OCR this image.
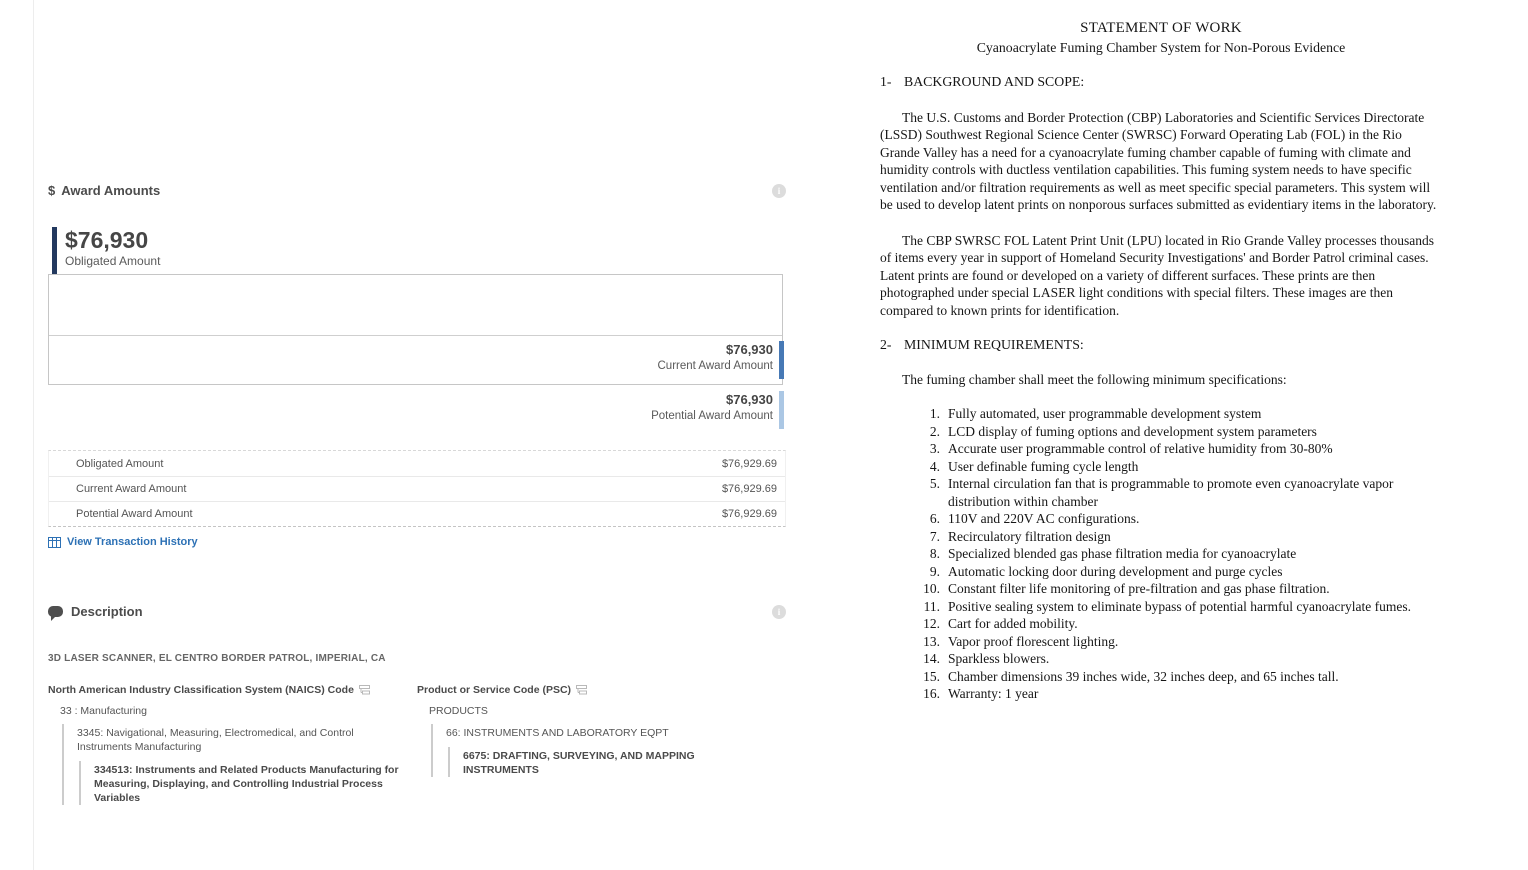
$ Award Amounts	i
$76,930
Obligated Amount
$76,930
Current Award Amount
$76,930
Potential Award Amount
Obligated Amount	$76,929.69
Current Award Amount	$76,929.69
Potential Award Amount	$76,929.69
View Transaction History
Description	i
3D LASER SCANNER, EL CENTRO BORDER PATROL, IMPERIAL, CA
North American Industry Classification System (NAICS) Code
33 : Manufacturing
3345: Navigational, Measuring, Electromedical, and Control Instruments Manufacturing
334513: Instruments and Related Products Manufacturing for Measuring, Displaying, and Controlling Industrial Process Variables
Product or Service Code (PSC)
PRODUCTS
66: INSTRUMENTS AND LABORATORY EQPT
6675: DRAFTING, SURVEYING, AND MAPPING INSTRUMENTS
STATEMENT OF WORK
Cyanoacrylate Fuming Chamber System for Non-Porous Evidence
1- BACKGROUND AND SCOPE:

The U.S. Customs and Border Protection (CBP) Laboratories and Scientific Services Directorate (LSSD) Southwest Regional Science Center (SWRSC) Forward Operating Lab (FOL) in the Rio Grande Valley has a need for a cyanoacrylate fuming chamber capable of fuming with climate and humidity controls with ductless ventilation capabilities. This fuming system needs to have specific ventilation and/or filtration requirements as well as meet specific special parameters. This system will be used to develop latent prints on nonporous surfaces submitted as evidentiary items in the laboratory.

The CBP SWRSC FOL Latent Print Unit (LPU) located in Rio Grande Valley processes thousands of items every year in support of Homeland Security Investigations' and Border Patrol criminal cases. Latent prints are found or developed on a variety of different surfaces. These prints are then photographed under special LASER light conditions with special filters. These images are then compared to known prints for identification.

2- MINIMUM REQUIREMENTS:

The fuming chamber shall meet the following minimum specifications:

Fully automated, user programmable development system
LCD display of fuming options and development system parameters
Accurate user programmable control of relative humidity from 30-80%
User definable fuming cycle length
Internal circulation fan that is programmable to promote even cyanoacrylate vapor distribution within chamber
110V and 220V AC configurations.
Recirculatory filtration design
Specialized blended gas phase filtration media for cyanoacrylate
Automatic locking door during development and purge cycles
Constant filter life monitoring of pre-filtration and gas phase filtration.
Positive sealing system to eliminate bypass of potential harmful cyanoacrylate fumes.
Cart for added mobility.
Vapor proof florescent lighting.
Sparkless blowers.
Chamber dimensions 39 inches wide, 32 inches deep, and 65 inches tall.
Warranty: 1 year
